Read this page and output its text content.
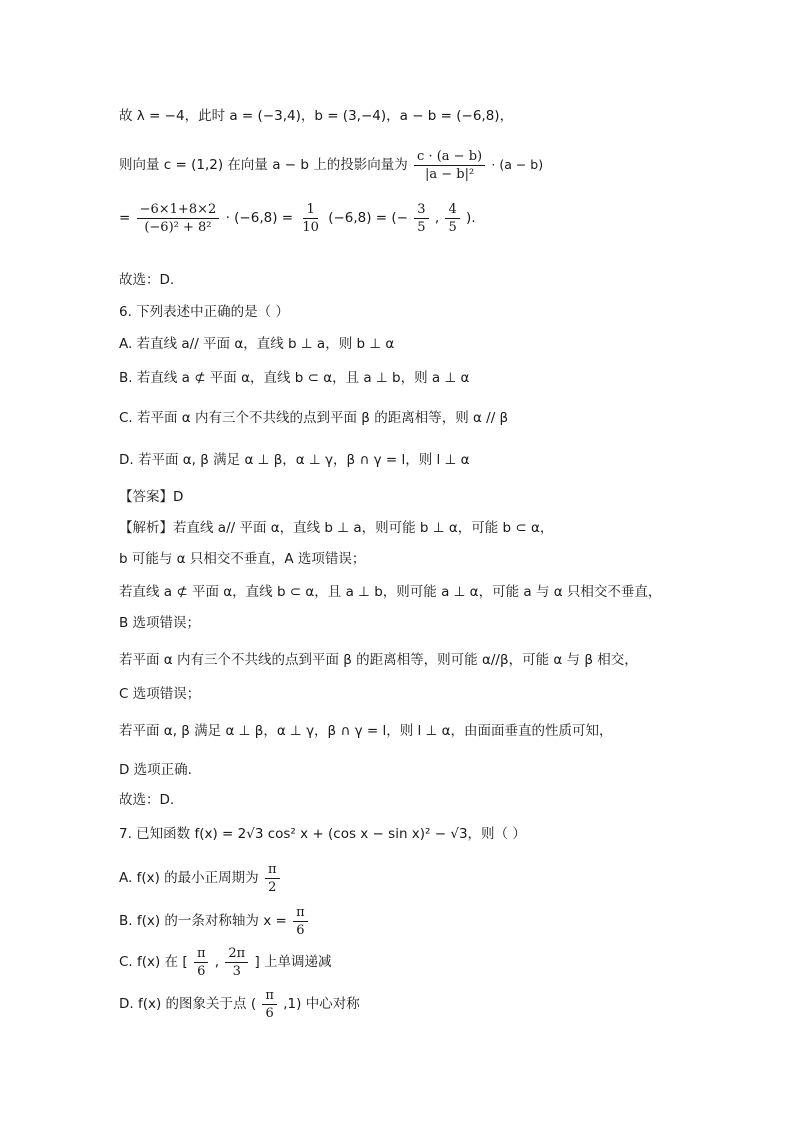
故 λ = −4，此时 a = (−3,4)，b = (3,−4)，a − b = (−6,8)，
则向量 c = (1,2) 在向量 a − b 上的投影向量为 $\frac{c \cdot (a - b)}{\text{|a − b|²}} \cdot (a - b)$
= $\frac{-6\times 1+8\times 2}{\text{(−6)² + 8²}} \cdot (-6,8) = \frac{1}{10} (-6,8)$ = (− $\frac{3}{5}$ , $\frac{4}{5}$ ).
故选：D.
6. 下列表述中正确的是（ ）
A. 若直线 a// 平面 α，直线 b ⊥ a，则 b ⊥ α
B. 若直线 a ⊄ 平面 α，直线 b ⊂ α，且 a ⊥ b，则 a ⊥ α
C. 若平面 α 内有三个不共线的点到平面 β 的距离相等，则 α // β
D. 若平面 α, β 满足 α ⊥ β，α ⊥ γ，β ∩ γ = l，则 l ⊥ α
【答案】D
【解析】若直线 a// 平面 α，直线 b ⊥ a，则可能 b ⊥ α，可能 b ⊂ α，
b 可能与 α 只相交不垂直，A 选项错误；
若直线 a ⊄ 平面 α，直线 b ⊂ α，且 a ⊥ b，则可能 a ⊥ α，可能 a 与 α 只相交不垂直，
B 选项错误；
若平面 α 内有三个不共线的点到平面 β 的距离相等，则可能 α//β，可能 α 与 β 相交，
C 选项错误；
若平面 α, β 满足 α ⊥ β，α ⊥ γ，β ∩ γ = l，则 l ⊥ α，由面面垂直的性质可知，
D 选项正确.
故选：D.
7. 已知函数 f(x) = 2√3 cos² x + (cos x − sin x)² − √3，则（ ）
A. f(x) 的最小正周期为 $\frac{\pi}{2}$
B. f(x) 的一条对称轴为 $x = \frac{\pi}{6}$
C. f(x) 在 [ $\frac{\pi}{6}$ , $\frac{2\pi}{3}$ ] 上单调递减
D. f(x) 的图象关于点 ( $\frac{\pi}{6} ,1$) 中心对称
